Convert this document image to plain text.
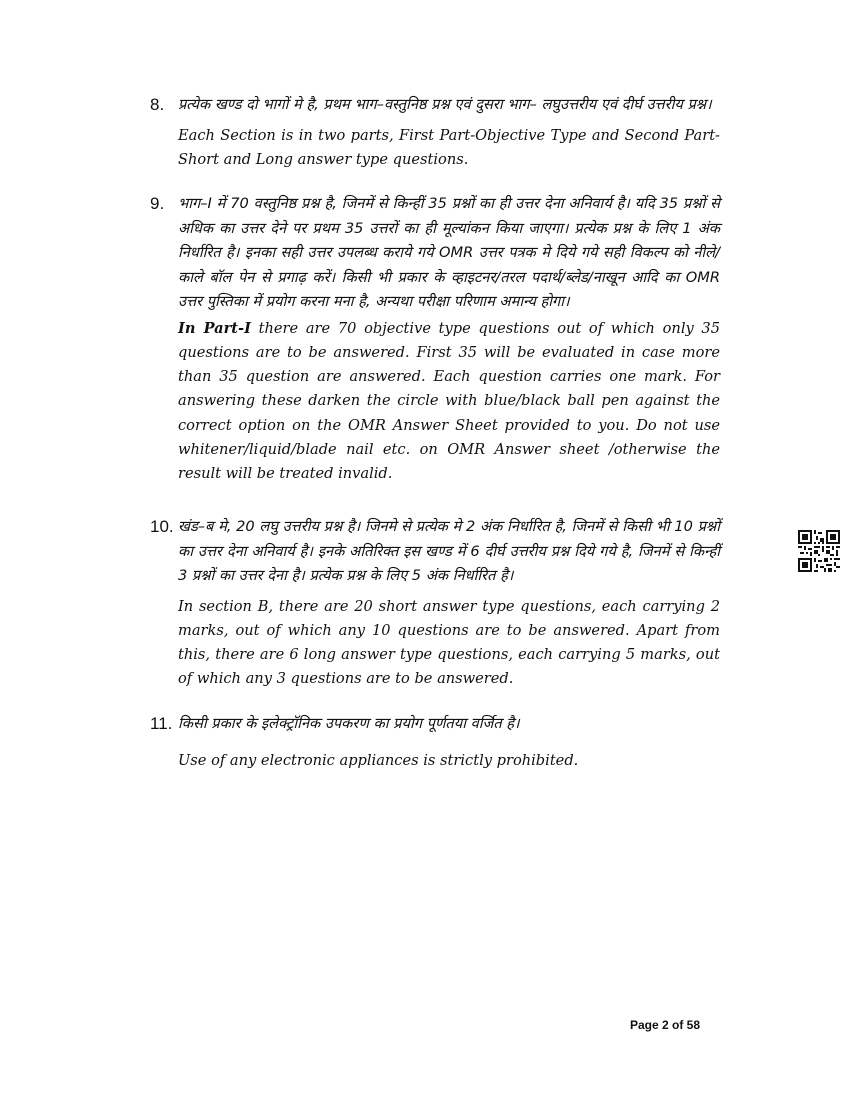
8. प्रत्येक खण्ड दो भागों मे है, प्रथम भाग–वस्तुनिष्ठ प्रश्न एवं दुसरा भाग– लघुउत्तरीय एवं दीर्घ उत्तरीय प्रश्न।

Each Section is in two parts, First Part-Objective Type and Second Part-Short and Long answer type questions.

9. भाग–I में 70 वस्तुनिष्ठ प्रश्न है, जिनमें से किन्हीं 35 प्रश्नों का ही उत्तर देना अनिवार्य है। यदि 35 प्रश्नों से अधिक का उत्तर देने पर प्रथम 35 उत्तरों का ही मूल्यांकन किया जाएगा। प्रत्येक प्रश्न के लिए 1 अंक निर्धारित है। इनका सही उत्तर उपलब्ध कराये गये OMR उत्तर पत्रक मे दिये गये सही विकल्प को नीले/काले बॉल पेन से प्रगाढ़ करें। किसी भी प्रकार के व्हाइटनर/तरल पदार्थ/ब्लेड/नाखून आदि का OMR उत्तर पुस्तिका में प्रयोग करना मना है, अन्यथा परीक्षा परिणाम अमान्य होगा।

In Part-I there are 70 objective type questions out of which only 35 questions are to be answered. First 35 will be evaluated in case more than 35 question are answered. Each question carries one mark. For answering these darken the circle with blue/black ball pen against the correct option on the OMR Answer Sheet provided to you. Do not use whitener/liquid/blade nail etc. on OMR Answer sheet /otherwise the result will be treated invalid.

10. खंड–ब मे, 20 लघु उत्तरीय प्रश्न है। जिनमे से प्रत्येक मे 2 अंक निर्धारित है, जिनमें से किसी भी 10 प्रश्नों का उत्तर देना अनिवार्य है। इनके अतिरिक्त इस खण्ड में 6 दीर्घ उत्तरीय प्रश्न दिये गये है, जिनमें से किन्हीं 3 प्रश्नों का उत्तर देना है। प्रत्येक प्रश्न के लिए 5 अंक निर्धारित है।

In section B, there are 20 short answer type questions, each carrying 2 marks, out of which any 10 questions are to be answered. Apart from this, there are 6 long answer type questions, each carrying 5 marks, out of which any 3 questions are to be answered.

11. किसी प्रकार के इलेक्ट्रॉनिक उपकरण का प्रयोग पूर्णतया वर्जित है।

Use of any electronic appliances is strictly prohibited.

Page 2 of 58
